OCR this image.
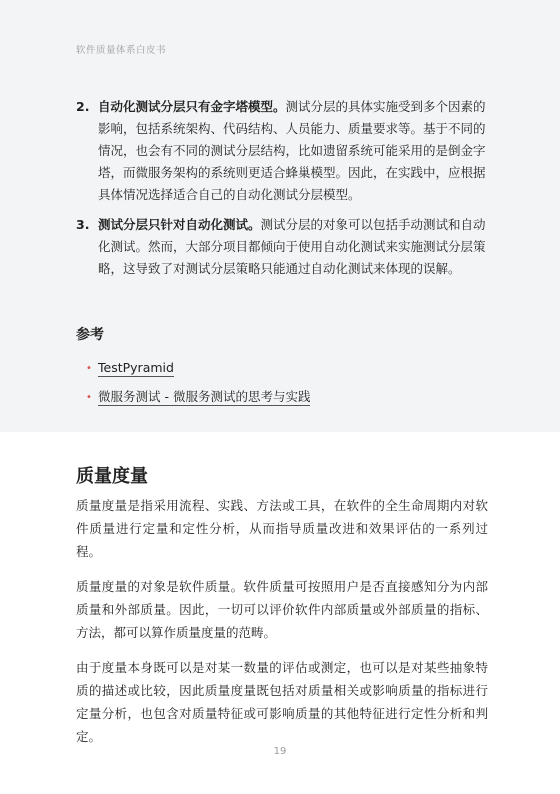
软件质量体系白皮书
2. 自动化测试分层只有金字塔模型。测试分层的具体实施受到多个因素的影响，包括系统架构、代码结构、人员能力、质量要求等。基于不同的情况，也会有不同的测试分层结构，比如遗留系统可能采用的是倒金字塔，而微服务架构的系统则更适合蜂巢模型。因此，在实践中，应根据具体情况选择适合自己的自动化测试分层模型。
3. 测试分层只针对自动化测试。测试分层的对象可以包括手动测试和自动化测试。然而，大部分项目都倾向于使用自动化测试来实施测试分层策略，这导致了对测试分层策略只能通过自动化测试来体现的误解。
参考
• TestPyramid
• 微服务测试 - 微服务测试的思考与实践
质量度量

质量度量是指采用流程、实践、方法或工具，在软件的全生命周期内对软件质量进行定量和定性分析，从而指导质量改进和效果评估的一系列过程。

质量度量的对象是软件质量。软件质量可按照用户是否直接感知分为内部质量和外部质量。因此，一切可以评价软件内部质量或外部质量的指标、方法，都可以算作质量度量的范畴。

由于度量本身既可以是对某一数量的评估或测定，也可以是对某些抽象特质的描述或比较，因此质量度量既包括对质量相关或影响质量的指标进行定量分析，也包含对质量特征或可影响质量的其他特征进行定性分析和判定。

19
